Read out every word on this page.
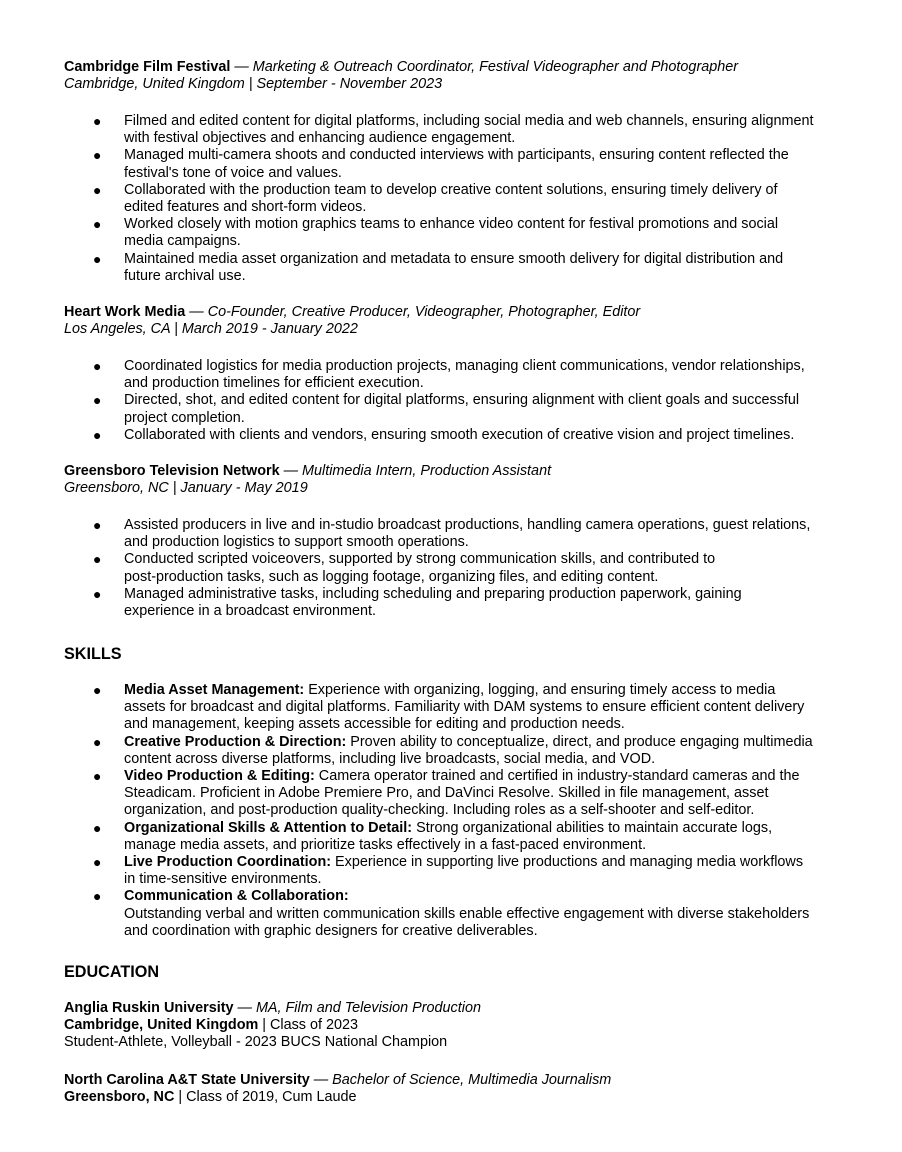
Cambridge Film Festival — Marketing & Outreach Coordinator, Festival Videographer and Photographer
Cambridge, United Kingdom | September - November 2023
● Filmed and edited content for digital platforms, including social media and web channels, ensuring alignment
with festival objectives and enhancing audience engagement.
● Managed multi-camera shoots and conducted interviews with participants, ensuring content reflected the
festival's tone of voice and values.
● Collaborated with the production team to develop creative content solutions, ensuring timely delivery of
edited features and short-form videos.
● Worked closely with motion graphics teams to enhance video content for festival promotions and social
media campaigns.
● Maintained media asset organization and metadata to ensure smooth delivery for digital distribution and
future archival use.
Heart Work Media — Co-Founder, Creative Producer, Videographer, Photographer, Editor
Los Angeles, CA | March 2019 - January 2022
● Coordinated logistics for media production projects, managing client communications, vendor relationships,
and production timelines for efficient execution.
● Directed, shot, and edited content for digital platforms, ensuring alignment with client goals and successful
project completion.
● Collaborated with clients and vendors, ensuring smooth execution of creative vision and project timelines.
Greensboro Television Network — Multimedia Intern, Production Assistant
Greensboro, NC | January - May 2019
● Assisted producers in live and in-studio broadcast productions, handling camera operations, guest relations,
and production logistics to support smooth operations.
● Conducted scripted voiceovers, supported by strong communication skills, and contributed to
post-production tasks, such as logging footage, organizing files, and editing content.
● Managed administrative tasks, including scheduling and preparing production paperwork, gaining
experience in a broadcast environment.
SKILLS
● Media Asset Management: Experience with organizing, logging, and ensuring timely access to media
assets for broadcast and digital platforms. Familiarity with DAM systems to ensure efficient content delivery
and management, keeping assets accessible for editing and production needs.
● Creative Production & Direction: Proven ability to conceptualize, direct, and produce engaging multimedia
content across diverse platforms, including live broadcasts, social media, and VOD.
● Video Production & Editing: Camera operator trained and certified in industry-standard cameras and the
Steadicam. Proficient in Adobe Premiere Pro, and DaVinci Resolve. Skilled in file management, asset
organization, and post-production quality-checking. Including roles as a self-shooter and self-editor.
● Organizational Skills & Attention to Detail: Strong organizational abilities to maintain accurate logs,
manage media assets, and prioritize tasks effectively in a fast-paced environment.
● Live Production Coordination: Experience in supporting live productions and managing media workflows
in time-sensitive environments.
● Communication & Collaboration:
Outstanding verbal and written communication skills enable effective engagement with diverse stakeholders
and coordination with graphic designers for creative deliverables.
EDUCATION
Anglia Ruskin University — MA, Film and Television Production
Cambridge, United Kingdom | Class of 2023
Student-Athlete, Volleyball - 2023 BUCS National Champion
North Carolina A&T State University — Bachelor of Science, Multimedia Journalism
Greensboro, NC | Class of 2019, Cum Laude
